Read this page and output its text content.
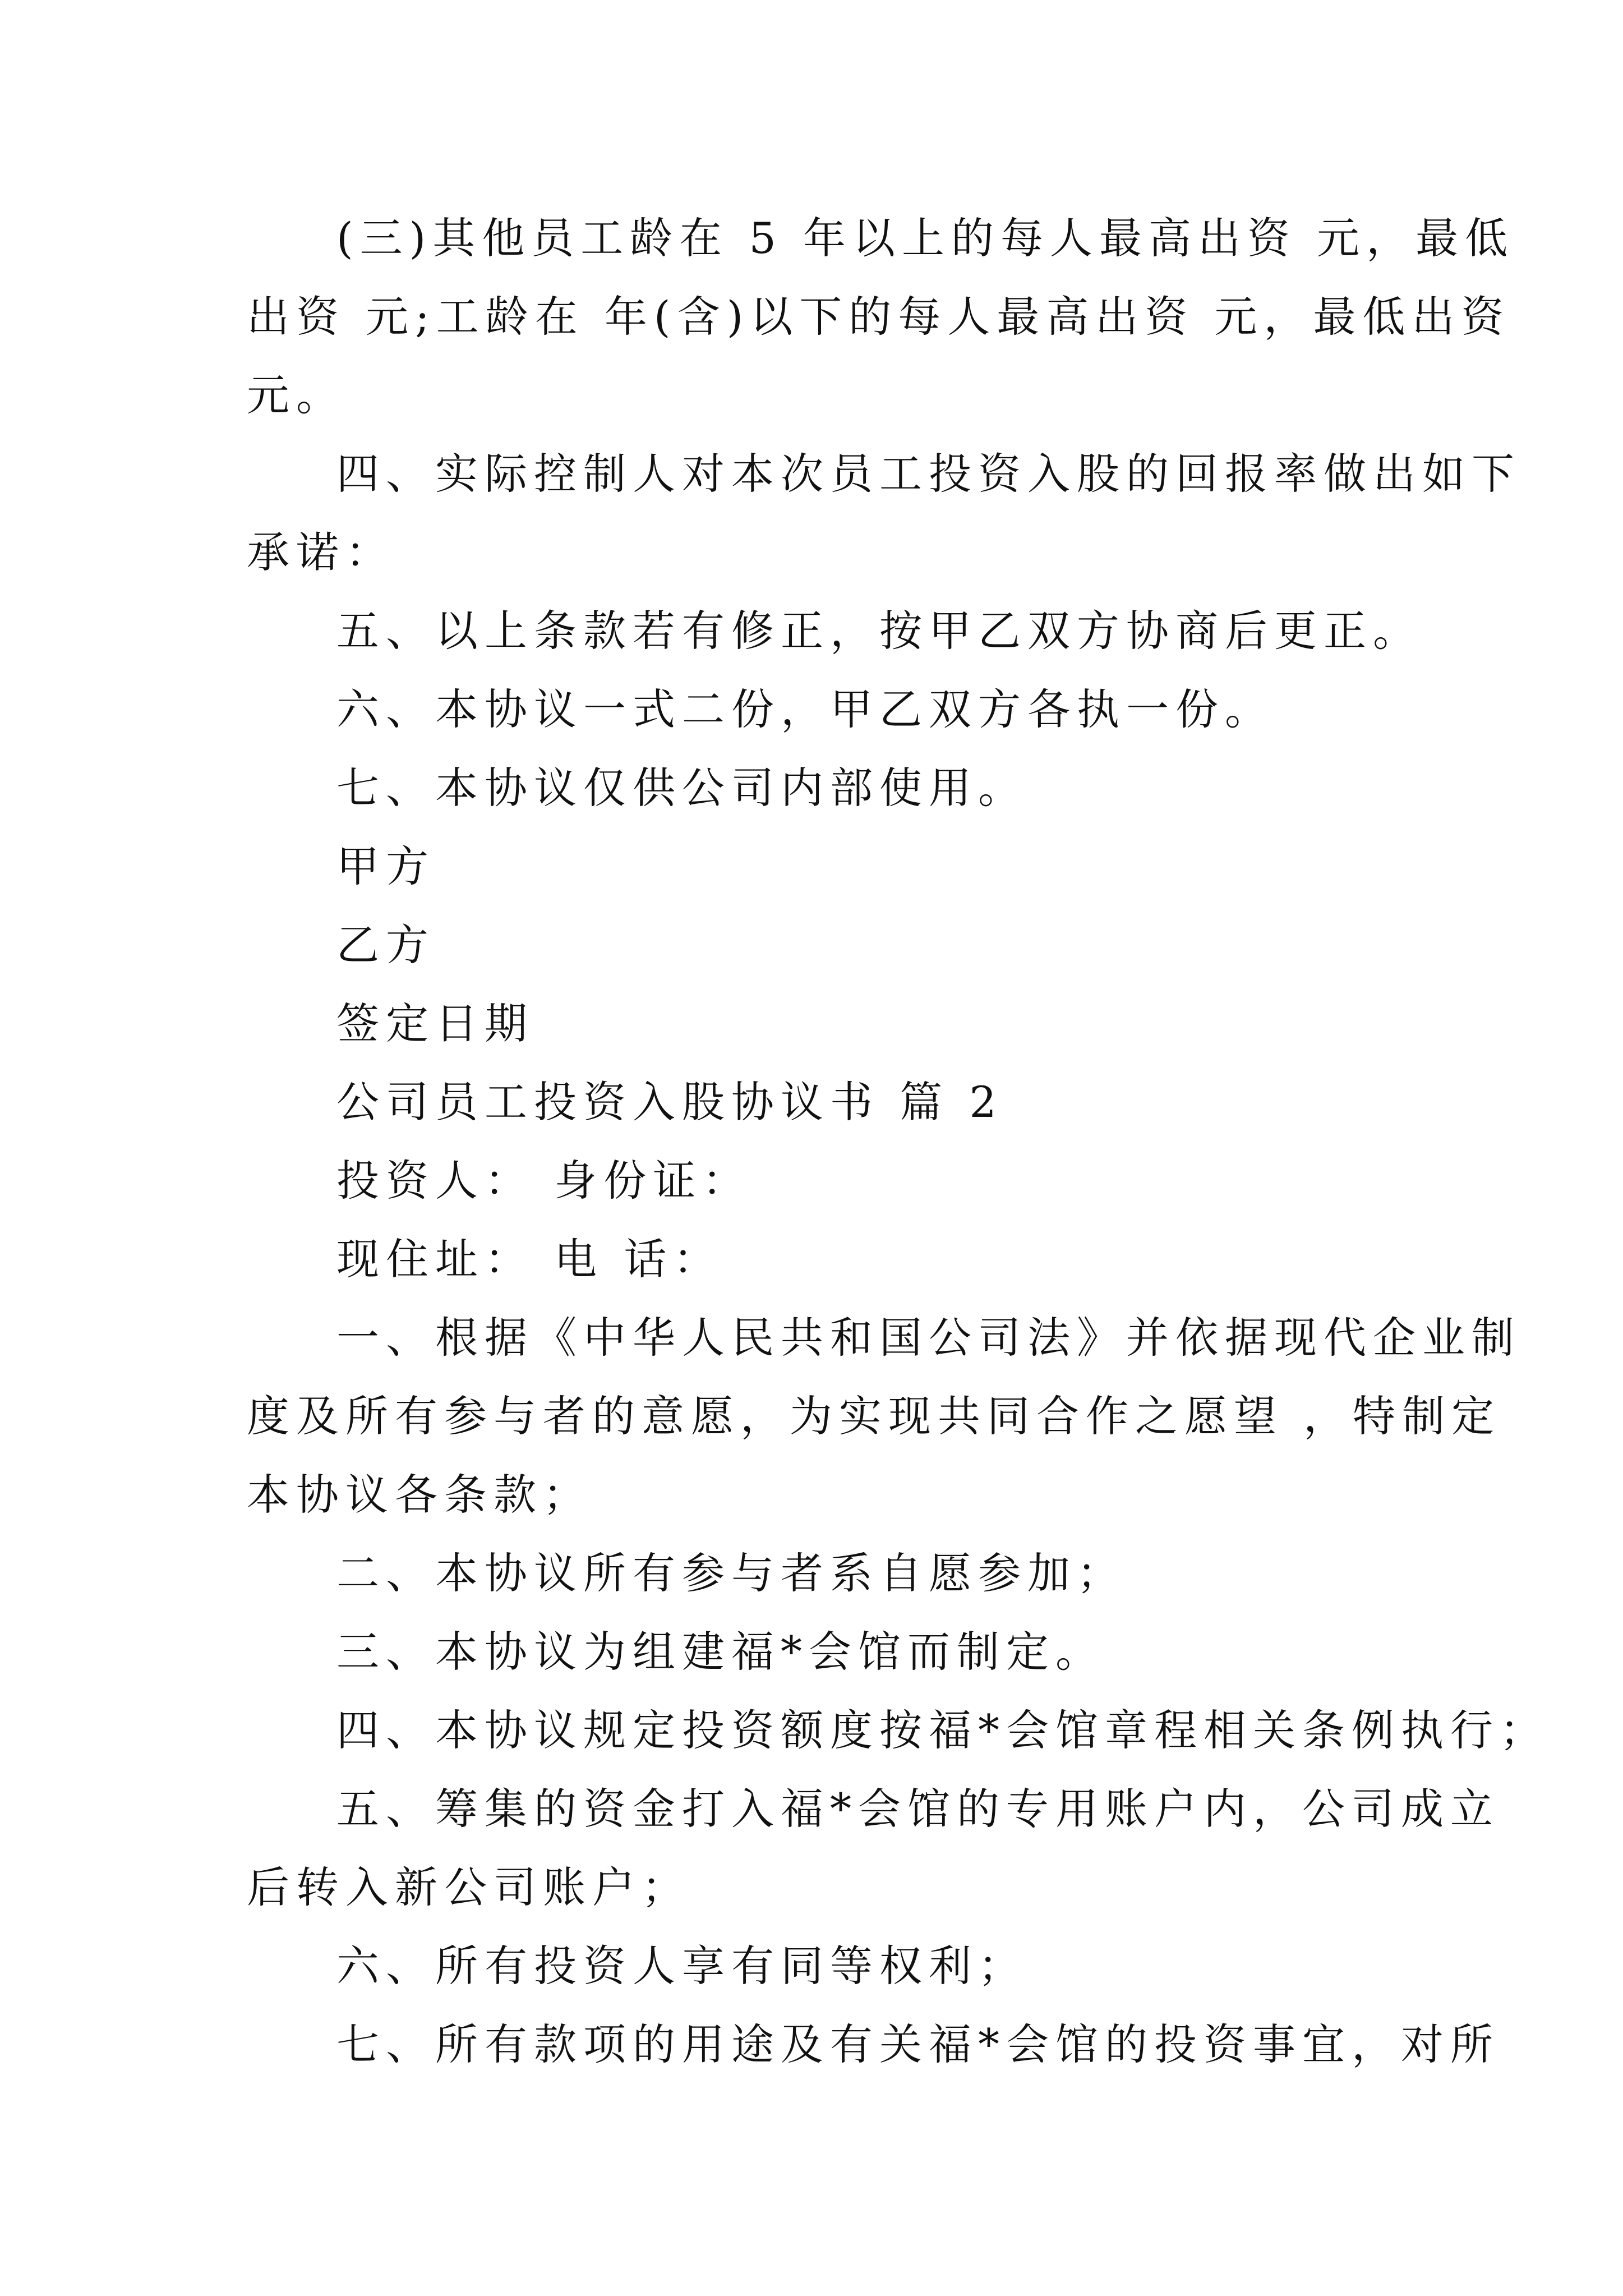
(三)其他员工龄在 5 年以上的每人最高出资 元，最低

出资 元;工龄在 年(含)以下的每人最高出资 元，最低出资

元。

四、实际控制人对本次员工投资入股的回报率做出如下

承诺：

五、以上条款若有修正，按甲乙双方协商后更正。

六、本协议一式二份，甲乙双方各执一份。

七、本协议仅供公司内部使用。

甲方

乙方

签定日期

公司员工投资入股协议书 篇 2

投资人： 身份证：

现住址： 电 话：

一、根据《中华人民共和国公司法》并依据现代企业制

度及所有参与者的意愿，为实现共同合作之愿望 ，特制定

本协议各条款；

二、本协议所有参与者系自愿参加；

三、本协议为组建福*会馆而制定。

四、本协议规定投资额度按福*会馆章程相关条例执行；

五、筹集的资金打入福*会馆的专用账户内，公司成立

后转入新公司账户；

六、所有投资人享有同等权利；

七、所有款项的用途及有关福*会馆的投资事宜，对所
